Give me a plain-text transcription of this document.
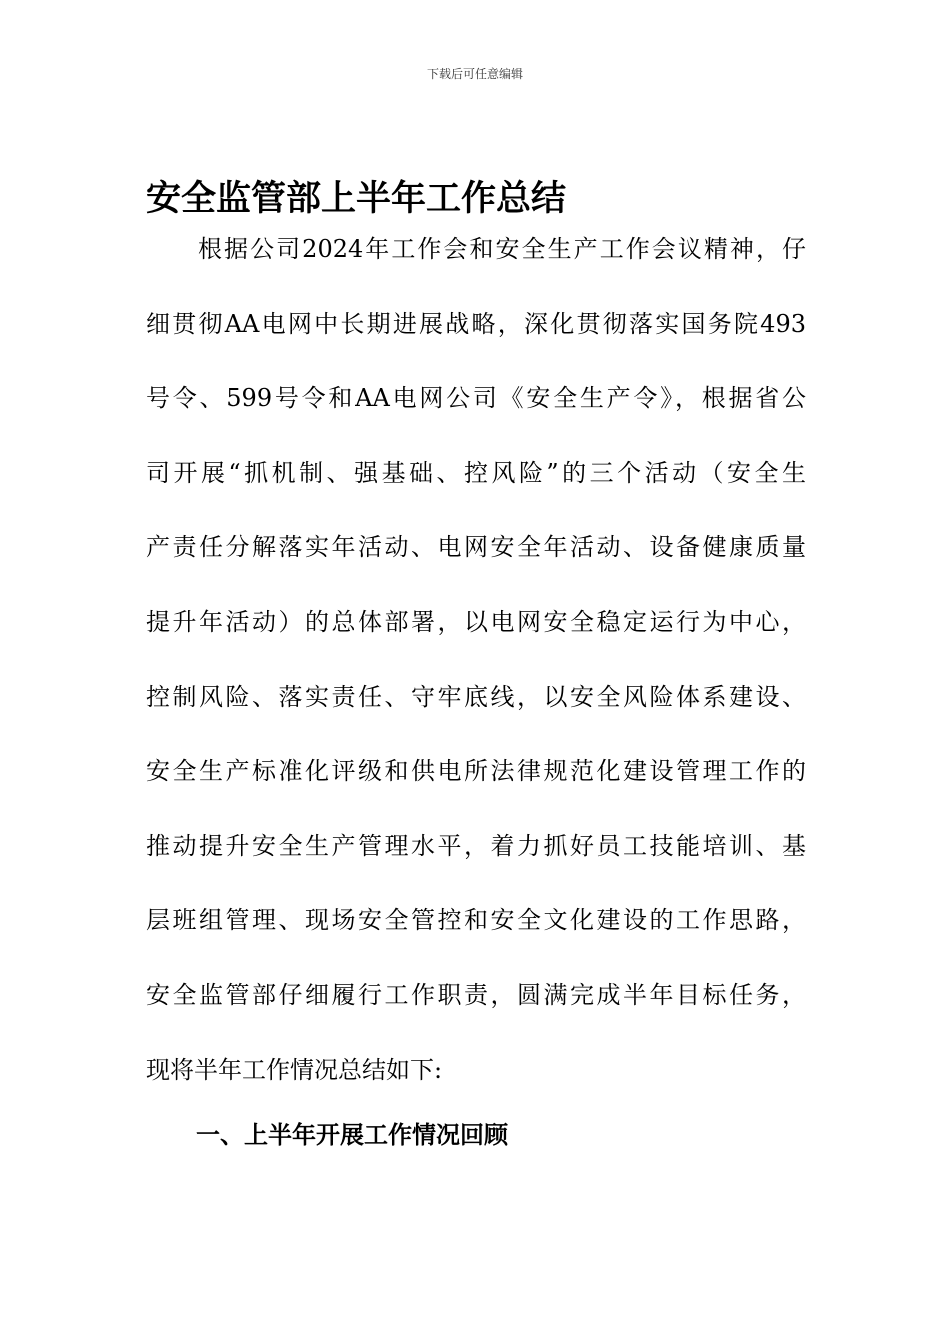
下载后可任意编辑
安全监管部上半年工作总结
根据公司2024年工作会和安全生产工作会议精神，仔
细贯彻AA电网中长期进展战略，深化贯彻落实国务院493
号令、599号令和AA电网公司《安全生产令》，根据省公
司开展“抓机制、强基础、控风险”的三个活动（安全生
产责任分解落实年活动、电网安全年活动、设备健康质量
提升年活动）的总体部署，以电网安全稳定运行为中心，
控制风险、落实责任、守牢底线，以安全风险体系建设、
安全生产标准化评级和供电所法律规范化建设管理工作的
推动提升安全生产管理水平，着力抓好员工技能培训、基
层班组管理、现场安全管控和安全文化建设的工作思路，
安全监管部仔细履行工作职责，圆满完成半年目标任务，
现将半年工作情况总结如下:
一、上半年开展工作情况回顾
